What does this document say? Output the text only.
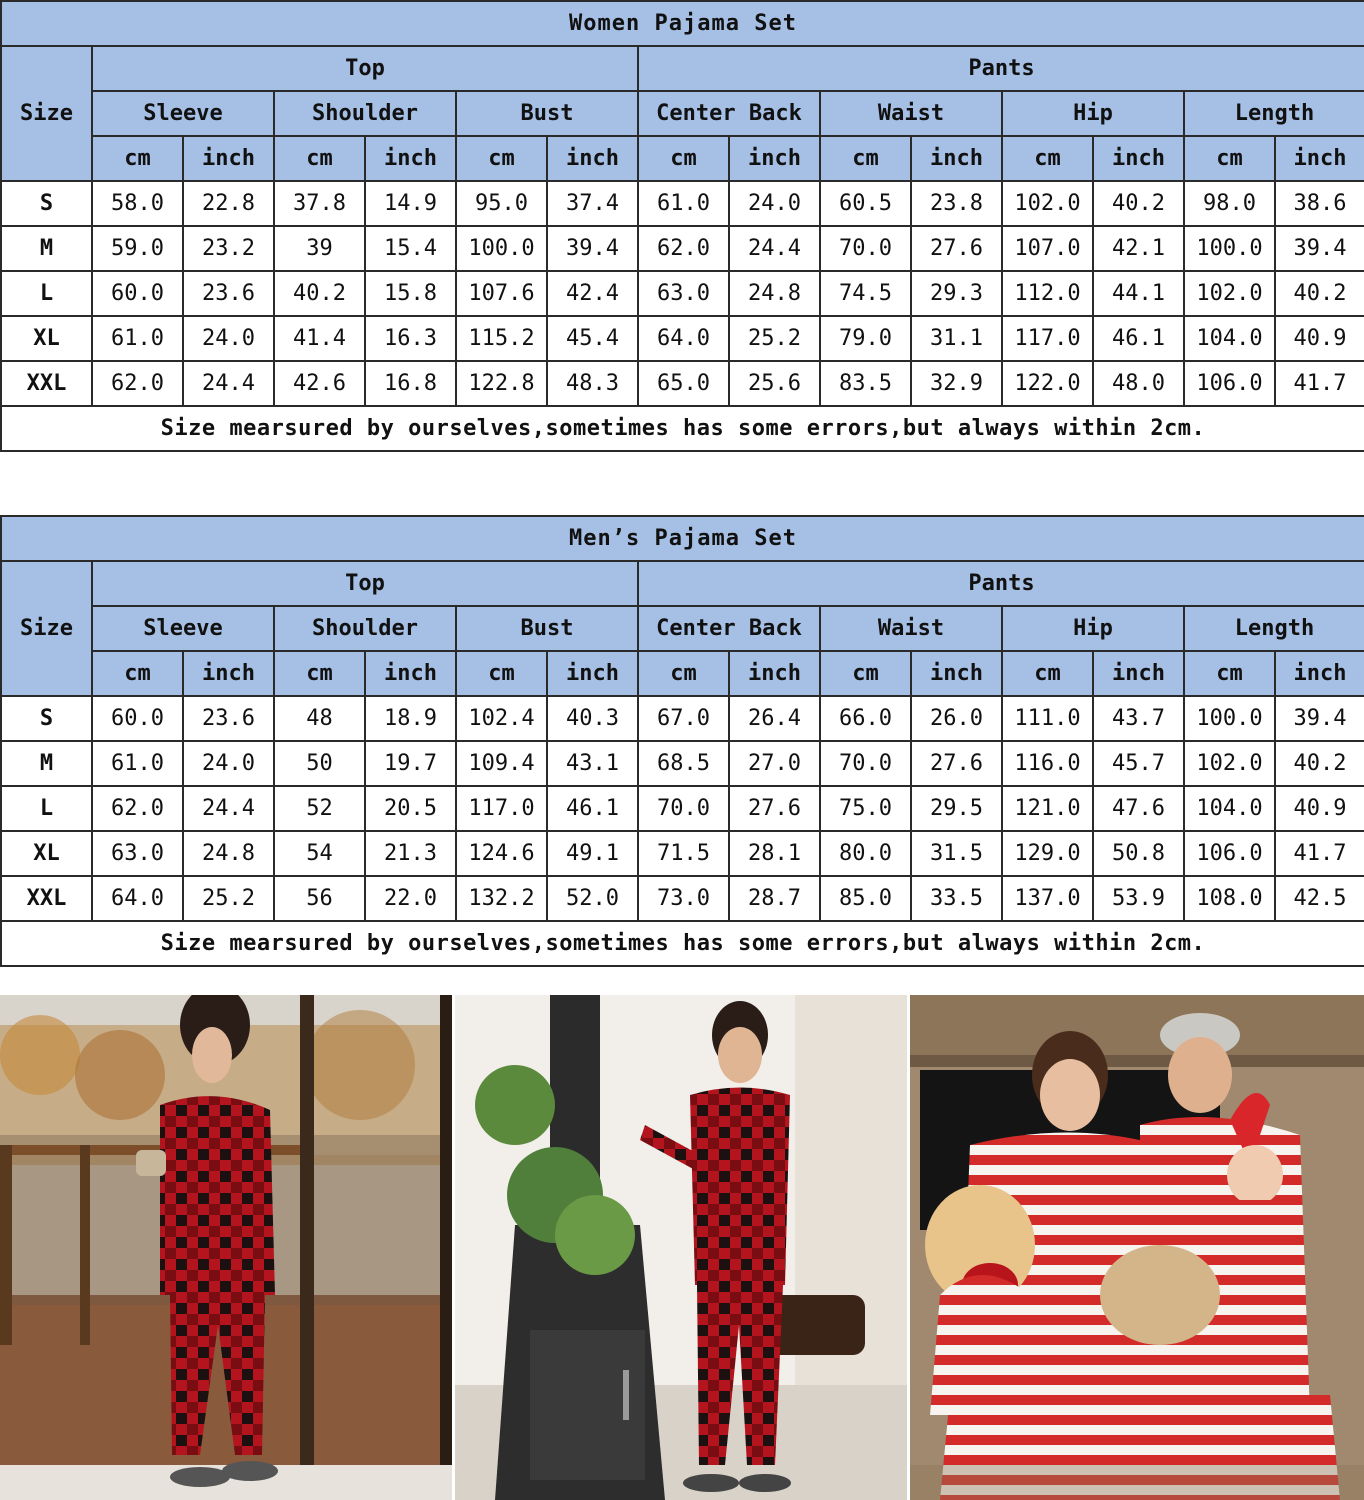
Women Pajama Set														
Size	Top						Pants							
	Sleeve		Shoulder		Bust		Center Back		Waist		Hip		Length	
	cm	inch	cm	inch	cm	inch	cm	inch	cm	inch	cm	inch	cm	inch
S	58.0	22.8	37.8	14.9	95.0	37.4	61.0	24.0	60.5	23.8	102.0	40.2	98.0	38.6
M	59.0	23.2	39	15.4	100.0	39.4	62.0	24.4	70.0	27.6	107.0	42.1	100.0	39.4
L	60.0	23.6	40.2	15.8	107.6	42.4	63.0	24.8	74.5	29.3	112.0	44.1	102.0	40.2
XL	61.0	24.0	41.4	16.3	115.2	45.4	64.0	25.2	79.0	31.1	117.0	46.1	104.0	40.9
XXL	62.0	24.4	42.6	16.8	122.8	48.3	65.0	25.6	83.5	32.9	122.0	48.0	106.0	41.7
Size mearsured by ourselves,sometimes has some errors,but always within 2cm.														
Men’s Pajama Set														
Size	Top						Pants							
	Sleeve		Shoulder		Bust		Center Back		Waist		Hip		Length	
	cm	inch	cm	inch	cm	inch	cm	inch	cm	inch	cm	inch	cm	inch
S	60.0	23.6	48	18.9	102.4	40.3	67.0	26.4	66.0	26.0	111.0	43.7	100.0	39.4
M	61.0	24.0	50	19.7	109.4	43.1	68.5	27.0	70.0	27.6	116.0	45.7	102.0	40.2
L	62.0	24.4	52	20.5	117.0	46.1	70.0	27.6	75.0	29.5	121.0	47.6	104.0	40.9
XL	63.0	24.8	54	21.3	124.6	49.1	71.5	28.1	80.0	31.5	129.0	50.8	106.0	41.7
XXL	64.0	25.2	56	22.0	132.2	52.0	73.0	28.7	85.0	33.5	137.0	53.9	108.0	42.5
Size mearsured by ourselves,sometimes has some errors,but always within 2cm.														
